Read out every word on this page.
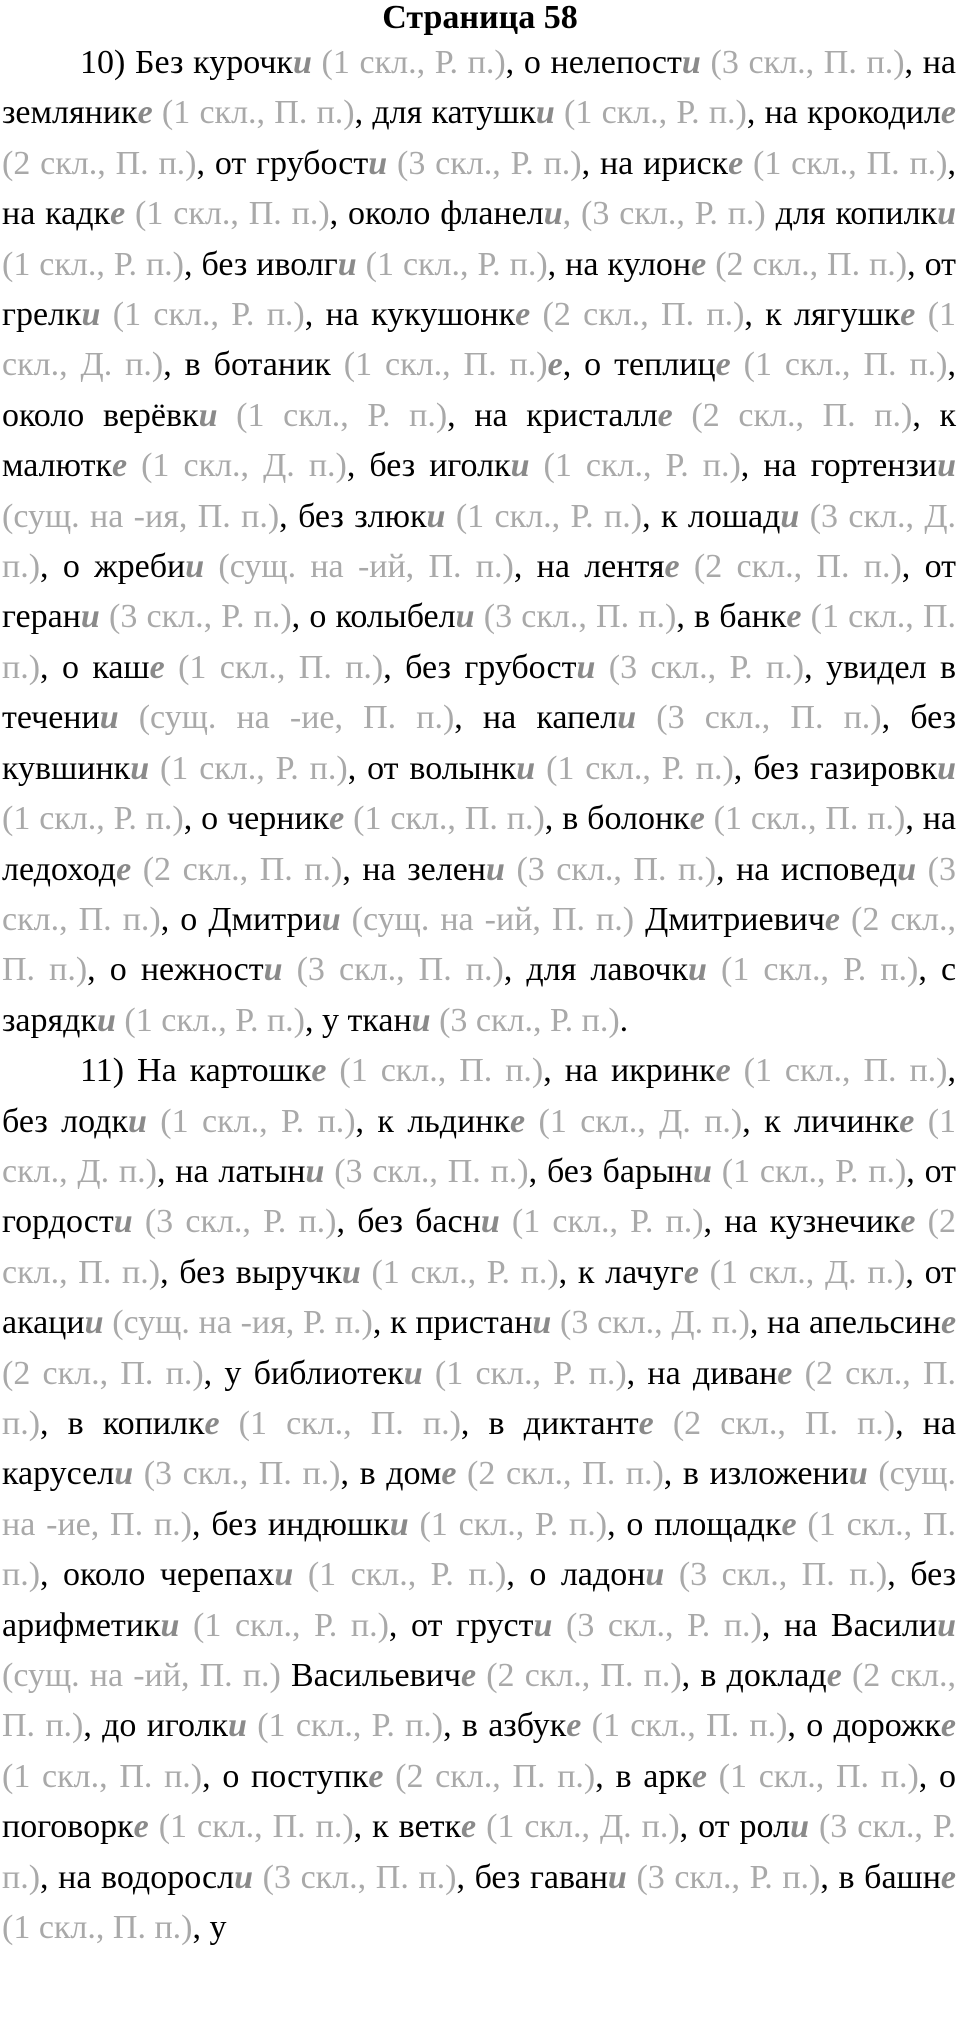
Страница 58

10) Без курочки (1 скл., Р. п.), о нелепости (3 скл., П. п.), на землянике (1 скл., П. п.), для катушки (1 скл., Р. п.), на крокодиле (2 скл., П. п.), от грубости (3 скл., Р. п.), на ириске (1 скл., П. п.), на кадке (1 скл., П. п.), около фланели, (3 скл., Р. п.) для копилки (1 скл., Р. п.), без иволги (1 скл., Р. п.), на кулоне (2 скл., П. п.), от грелки (1 скл., Р. п.), на кукушонке (2 скл., П. п.), к лягушке (1 скл., Д. п.), в ботаник (1 скл., П. п.)е, о теплице (1 скл., П. п.), около верёвки (1 скл., Р. п.), на кристалле (2 скл., П. п.), к малютке (1 скл., Д. п.), без иголки (1 скл., Р. п.), на гортензии (сущ. на -ия, П. п.), без злюки (1 скл., Р. п.), к лошади (3 скл., Д. п.), о жребии (сущ. на -ий, П. п.), на лентяе (2 скл., П. п.), от герани (3 скл., Р. п.), о колыбели (3 скл., П. п.), в банке (1 скл., П. п.), о каше (1 скл., П. п.), без грубости (3 скл., Р. п.), увидел в течении (сущ. на -ие, П. п.), на капели (3 скл., П. п.), без кувшинки (1 скл., Р. п.), от волынки (1 скл., Р. п.), без газировки (1 скл., Р. п.), о чернике (1 скл., П. п.), в болонке (1 скл., П. п.), на ледоходе (2 скл., П. п.), на зелени (3 скл., П. п.), на исповеди (3 скл., П. п.), о Дмитрии (сущ. на -ий, П. п.) Дмитриевиче (2 скл., П. п.), о нежности (3 скл., П. п.), для лавочки (1 скл., Р. п.), с зарядки (1 скл., Р. п.), у ткани (3 скл., Р. п.).

11) На картошке (1 скл., П. п.), на икринке (1 скл., П. п.), без лодки (1 скл., Р. п.), к льдинке (1 скл., Д. п.), к личинке (1 скл., Д. п.), на латыни (3 скл., П. п.), без барыни (1 скл., Р. п.), от гордости (3 скл., Р. п.), без басни (1 скл., Р. п.), на кузнечике (2 скл., П. п.), без выручки (1 скл., Р. п.), к лачуге (1 скл., Д. п.), от акации (сущ. на -ия, Р. п.), к пристани (3 скл., Д. п.), на апельсине (2 скл., П. п.), у библиотеки (1 скл., Р. п.), на диване (2 скл., П. п.), в копилке (1 скл., П. п.), в диктанте (2 скл., П. п.), на карусели (3 скл., П. п.), в доме (2 скл., П. п.), в изложении (сущ. на -ие, П. п.), без индюшки (1 скл., Р. п.), о площадке (1 скл., П. п.), около черепахи (1 скл., Р. п.), о ладони (3 скл., П. п.), без арифметики (1 скл., Р. п.), от грусти (3 скл., Р. п.), на Василии (сущ. на -ий, П. п.) Васильевиче (2 скл., П. п.), в докладе (2 скл., П. п.), до иголки (1 скл., Р. п.), в азбуке (1 скл., П. п.), о дорожке (1 скл., П. п.), о поступке (2 скл., П. п.), в арке (1 скл., П. п.), о поговорке (1 скл., П. п.), к ветке (1 скл., Д. п.), от роли (3 скл., Р. п.), на водоросли (3 скл., П. п.), без гавани (3 скл., Р. п.), в башне (1 скл., П. п.), у
